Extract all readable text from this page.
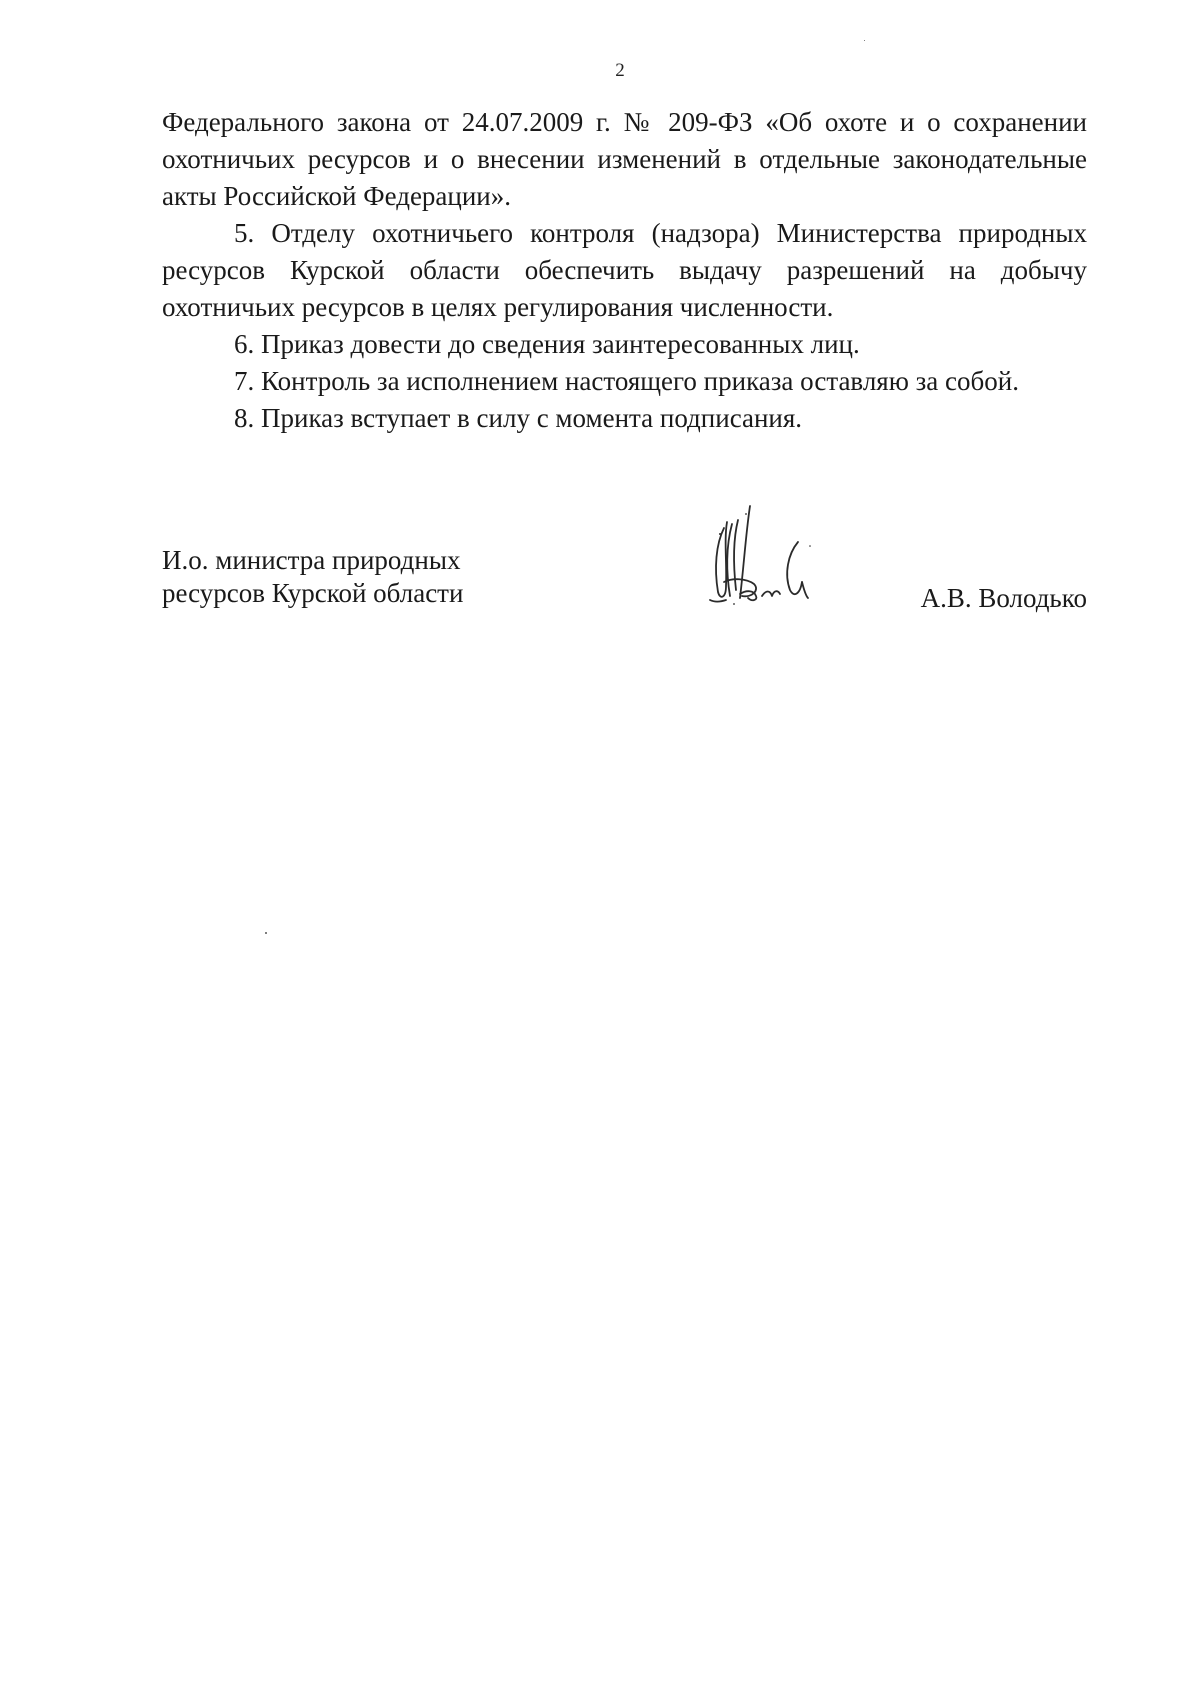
2

Федерального закона от 24.07.2009 г. № 209-ФЗ «Об охоте и о сохранении охотничьих ресурсов и о внесении изменений в отдельные законодательные акты Российской Федерации».

5. Отделу охотничьего контроля (надзора) Министерства природных ресурсов Курской области обеспечить выдачу разрешений на добычу охотничьих ресурсов в целях регулирования численности.

6. Приказ довести до сведения заинтересованных лиц.

7. Контроль за исполнением настоящего приказа оставляю за собой.

8. Приказ вступает в силу с момента подписания.

И.о. министра природных
ресурсов Курской области	А.В. Володько
